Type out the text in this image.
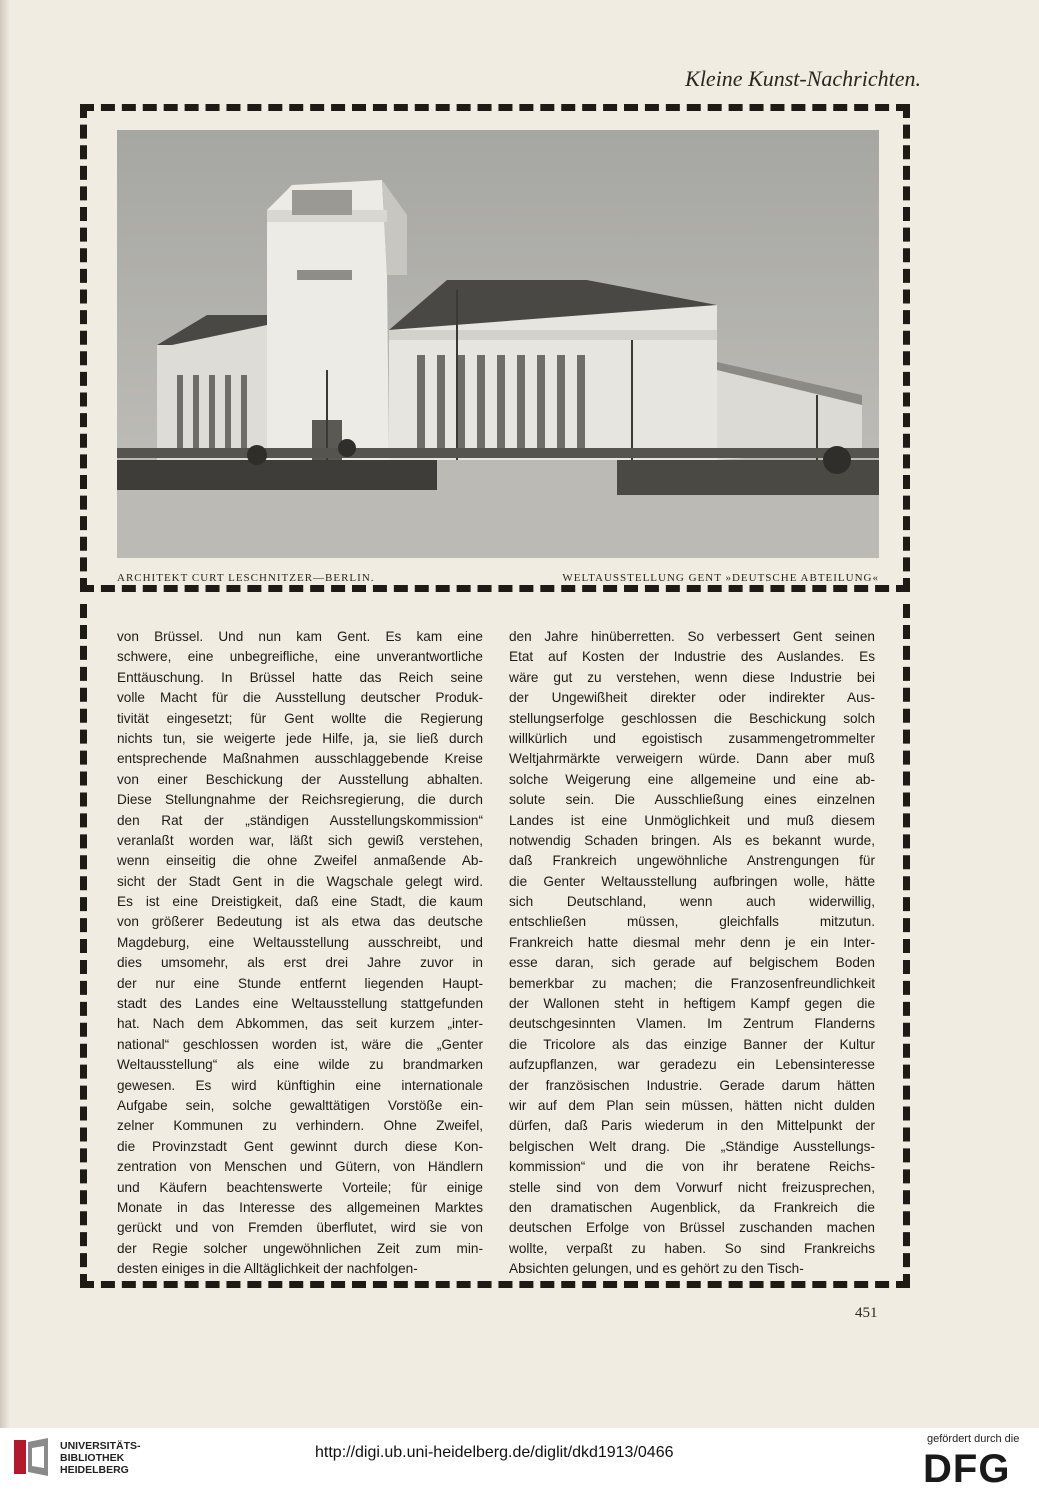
Kleine Kunst-Nachrichten.
ARCHITEKT CURT LESCHNITZER—BERLIN.	WELTAUSSTELLUNG GENT »DEUTSCHE ABTEILUNG«
von Brüssel. Und nun kam Gent. Es kam eine
schwere, eine unbegreifliche, eine unverantwortliche
Enttäuschung. In Brüssel hatte das Reich seine
volle Macht für die Ausstellung deutscher Produk-
tivität eingesetzt; für Gent wollte die Regierung
nichts tun, sie weigerte jede Hilfe, ja, sie ließ durch
entsprechende Maßnahmen ausschlaggebende Kreise
von einer Beschickung der Ausstellung abhalten.
Diese Stellungnahme der Reichsregierung, die durch
den Rat der „ständigen Ausstellungskommission“
veranlaßt worden war, läßt sich gewiß verstehen,
wenn einseitig die ohne Zweifel anmaßende Ab-
sicht der Stadt Gent in die Wagschale gelegt wird.
Es ist eine Dreistigkeit, daß eine Stadt, die kaum
von größerer Bedeutung ist als etwa das deutsche
Magdeburg, eine Weltausstellung ausschreibt, und
dies umsomehr, als erst drei Jahre zuvor in
der nur eine Stunde entfernt liegenden Haupt-
stadt des Landes eine Weltausstellung stattgefunden
hat. Nach dem Abkommen, das seit kurzem „inter-
national“ geschlossen worden ist, wäre die „Genter
Weltausstellung“ als eine wilde zu brandmarken
gewesen. Es wird künftighin eine internationale
Aufgabe sein, solche gewalttätigen Vorstöße ein-
zelner Kommunen zu verhindern. Ohne Zweifel,
die Provinzstadt Gent gewinnt durch diese Kon-
zentration von Menschen und Gütern, von Händlern
und Käufern beachtenswerte Vorteile; für einige
Monate in das Interesse des allgemeinen Marktes
gerückt und von Fremden überflutet, wird sie von
der Regie solcher ungewöhnlichen Zeit zum min-
desten einiges in die Alltäglichkeit der nachfolgen-
den Jahre hinüberretten. So verbessert Gent seinen
Etat auf Kosten der Industrie des Auslandes. Es
wäre gut zu verstehen, wenn diese Industrie bei
der Ungewißheit direkter oder indirekter Aus-
stellungserfolge geschlossen die Beschickung solch
willkürlich und egoistisch zusammengetrommelter
Weltjahrmärkte verweigern würde. Dann aber muß
solche Weigerung eine allgemeine und eine ab-
solute sein. Die Ausschließung eines einzelnen
Landes ist eine Unmöglichkeit und muß diesem
notwendig Schaden bringen. Als es bekannt wurde,
daß Frankreich ungewöhnliche Anstrengungen für
die Genter Weltausstellung aufbringen wolle, hätte
sich Deutschland, wenn auch widerwillig,
entschließen müssen, gleichfalls mitzutun.
Frankreich hatte diesmal mehr denn je ein Inter-
esse daran, sich gerade auf belgischem Boden
bemerkbar zu machen; die Franzosenfreundlichkeit
der Wallonen steht in heftigem Kampf gegen die
deutschgesinnten Vlamen. Im Zentrum Flanderns
die Tricolore als das einzige Banner der Kultur
aufzupflanzen, war geradezu ein Lebensinteresse
der französischen Industrie. Gerade darum hätten
wir auf dem Plan sein müssen, hätten nicht dulden
dürfen, daß Paris wiederum in den Mittelpunkt der
belgischen Welt drang. Die „Ständige Ausstellungs-
kommission“ und die von ihr beratene Reichs-
stelle sind von dem Vorwurf nicht freizusprechen,
den dramatischen Augenblick, da Frankreich die
deutschen Erfolge von Brüssel zuschanden machen
wollte, verpaßt zu haben. So sind Frankreichs
Absichten gelungen, und es gehört zu den Tisch-
451
UNIVERSITÄTS-
BIBLIOTHEK
HEIDELBERG
http://digi.ub.uni-heidelberg.de/diglit/dkd1913/0466
gefördert durch die
DFG
